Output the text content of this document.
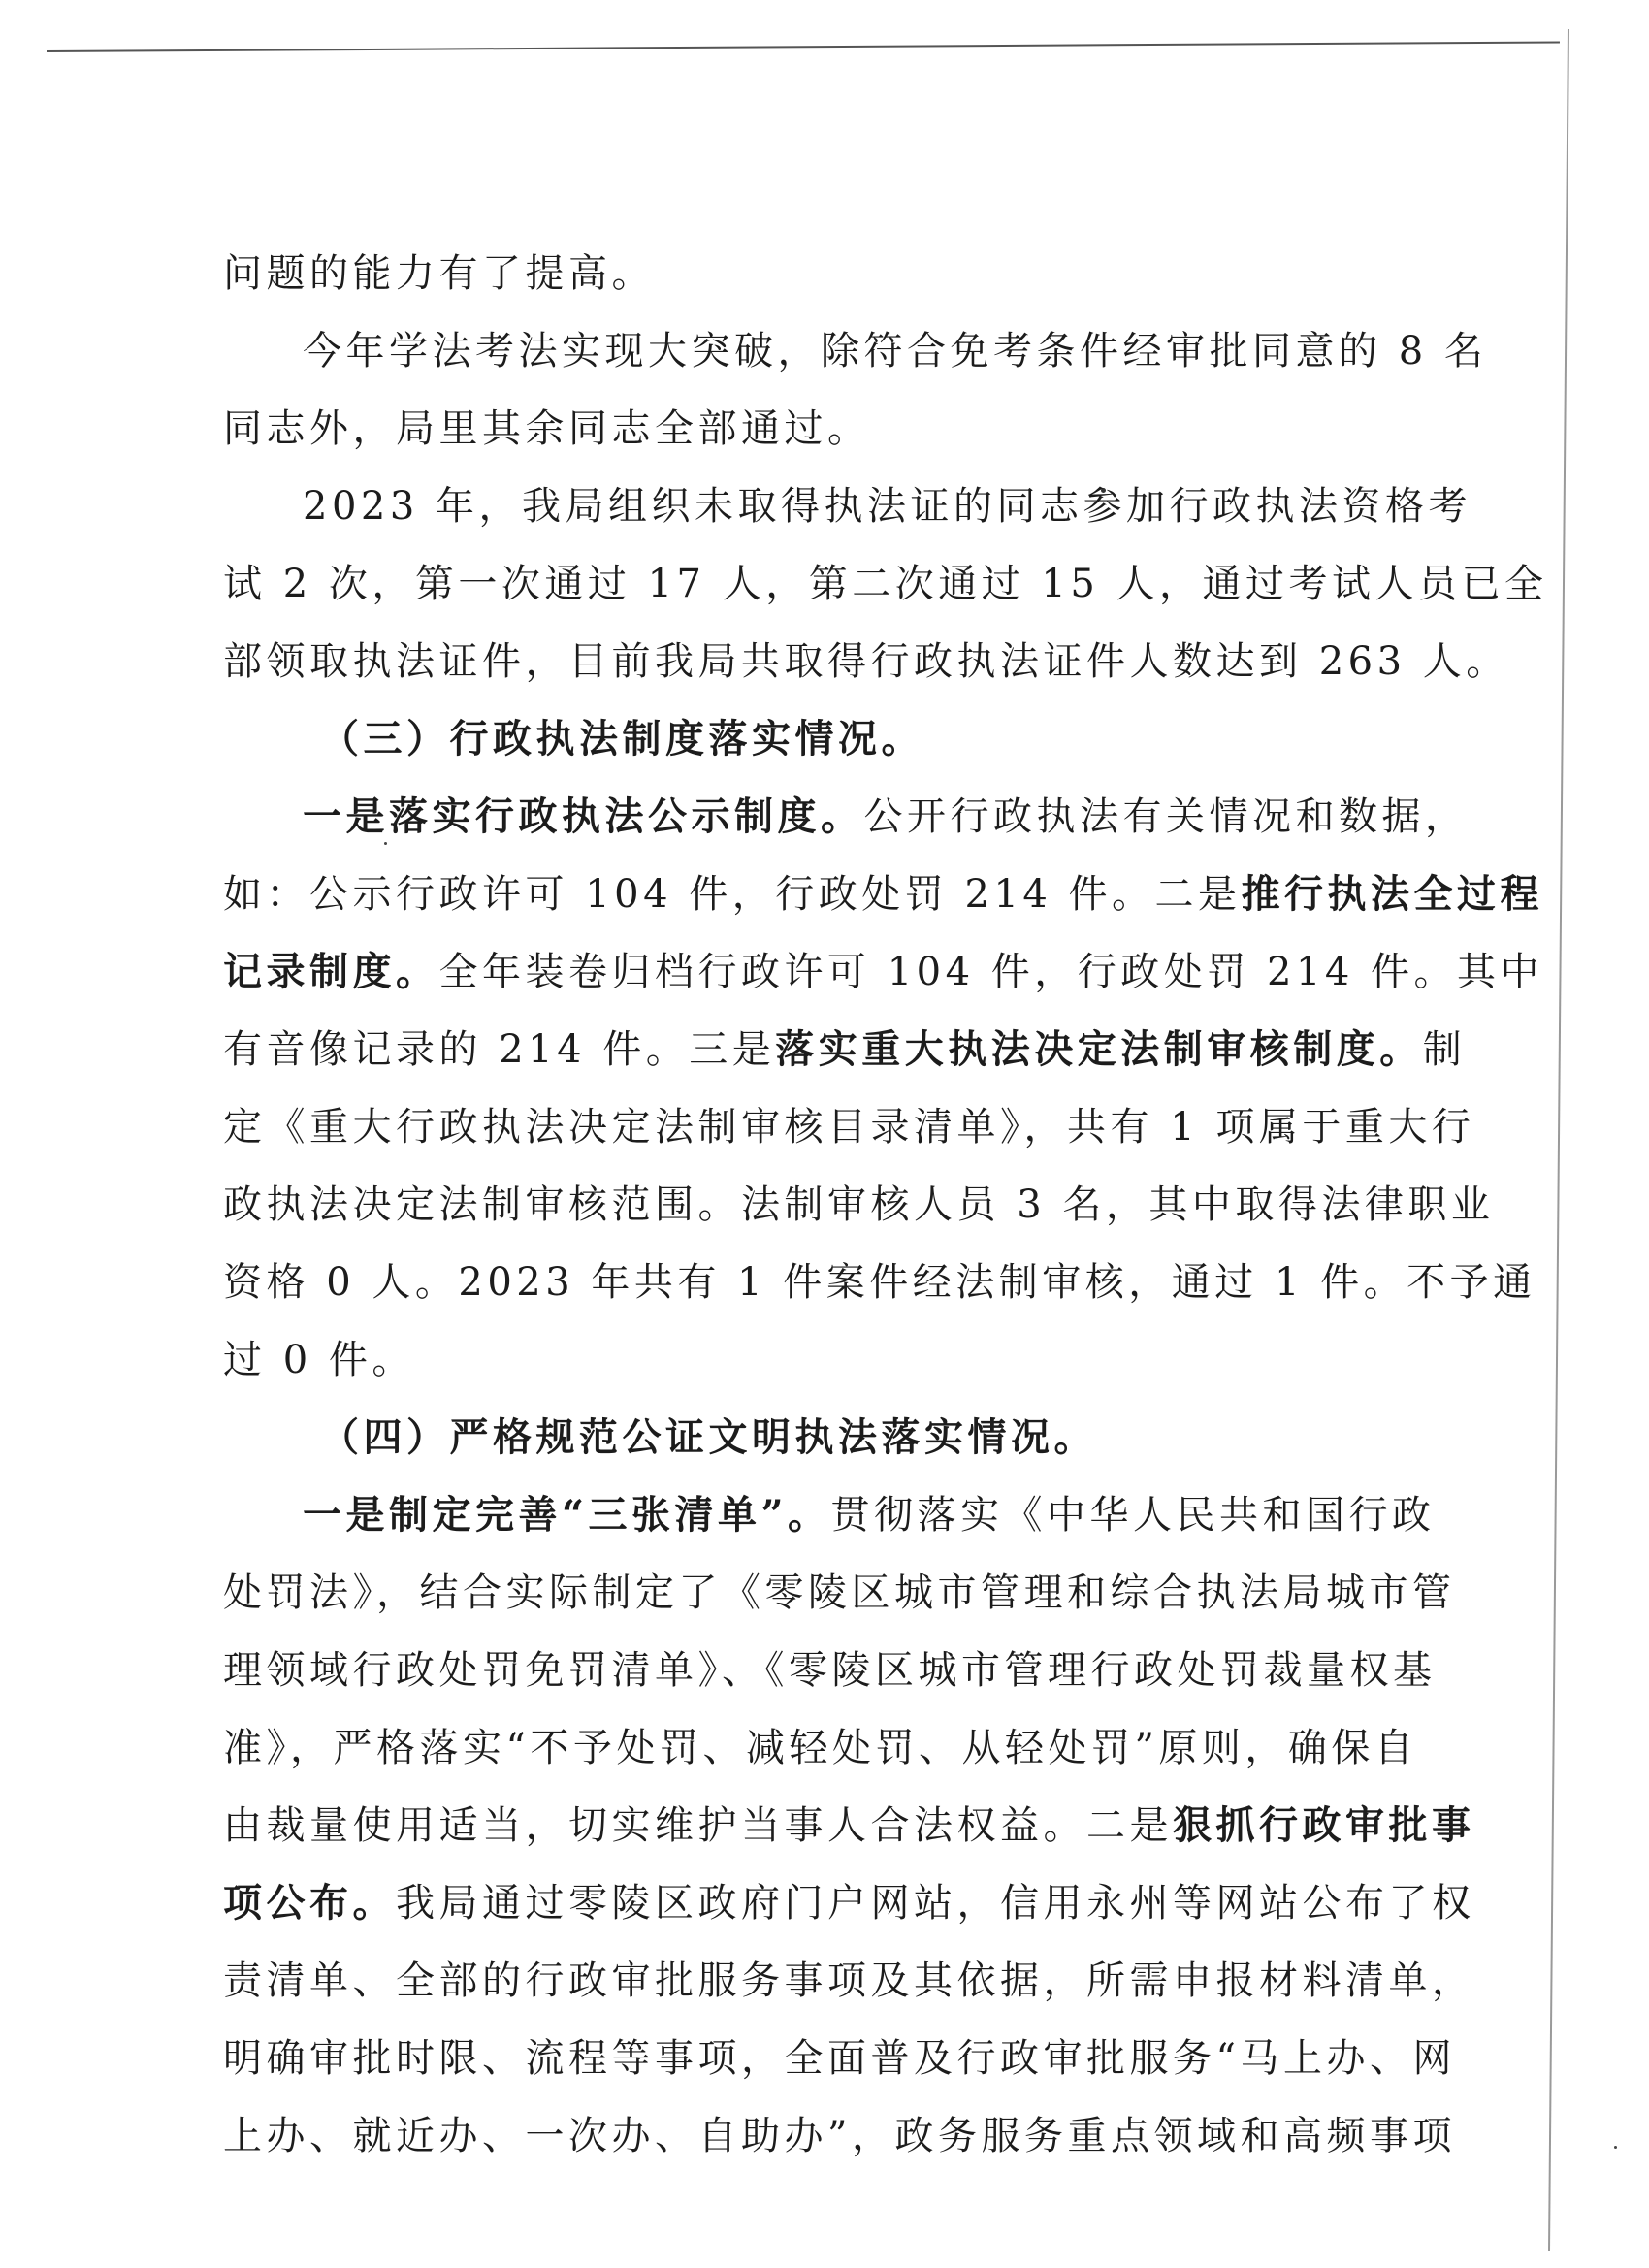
问题的能力有了提高。
今年学法考法实现大突破，除符合免考条件经审批同意的 8 名
同志外，局里其余同志全部通过。
2023 年，我局组织未取得执法证的同志参加行政执法资格考
试 2 次，第一次通过 17 人，第二次通过 15 人，通过考试人员已全
部领取执法证件，目前我局共取得行政执法证件人数达到 263 人。
（三）行政执法制度落实情况。
一是落实行政执法公示制度。公开行政执法有关情况和数据，
如：公示行政许可 104 件，行政处罚 214 件。二是推行执法全过程
记录制度。全年装卷归档行政许可 104 件，行政处罚 214 件。其中
有音像记录的 214 件。三是落实重大执法决定法制审核制度。制
定《重大行政执法决定法制审核目录清单》，共有 1 项属于重大行
政执法决定法制审核范围。法制审核人员 3 名，其中取得法律职业
资格 0 人。2023 年共有 1 件案件经法制审核，通过 1 件。不予通
过 0 件。
（四）严格规范公证文明执法落实情况。
一是制定完善“三张清单”。贯彻落实《中华人民共和国行政
处罚法》，结合实际制定了《零陵区城市管理和综合执法局城市管
理领域行政处罚免罚清单》、《零陵区城市管理行政处罚裁量权基
准》，严格落实“不予处罚、减轻处罚、从轻处罚”原则，确保自
由裁量使用适当，切实维护当事人合法权益。二是狠抓行政审批事
项公布。我局通过零陵区政府门户网站，信用永州等网站公布了权
责清单、全部的行政审批服务事项及其依据，所需申报材料清单，
明确审批时限、流程等事项，全面普及行政审批服务“马上办、网
上办、就近办、一次办、自助办”，政务服务重点领域和高频事项
